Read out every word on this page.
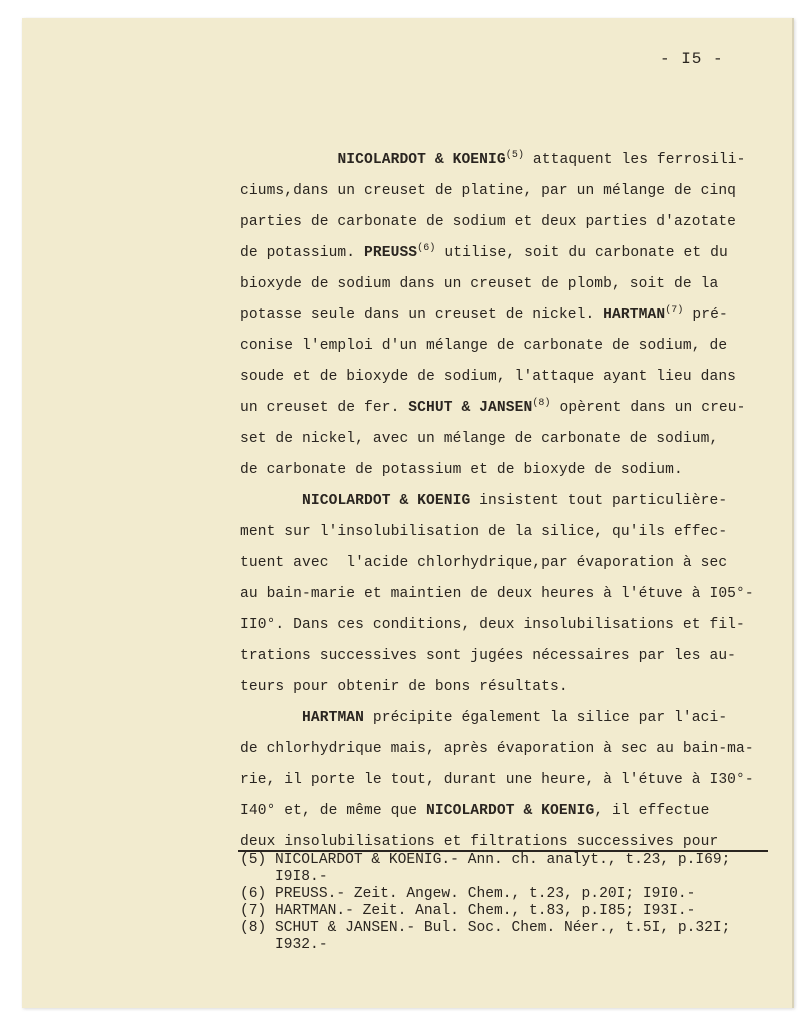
- I5 -
NICOLARDOT & KOENIG$^{(5)}$ attaquent les ferrosili-
ciums,dans un creuset de platine, par un mélange de cinq
parties de carbonate de sodium et deux parties d'azotate
de potassium. PREUSS$^{(6)}$ utilise, soit du carbonate et du
bioxyde de sodium dans un creuset de plomb, soit de la
potasse seule dans un creuset de nickel. HARTMAN$^{(7)}$ pré-
conise l'emploi d'un mélange de carbonate de sodium, de
soude et de bioxyde de sodium, l'attaque ayant lieu dans
un creuset de fer. SCHUT & JANSEN$^{(8)}$ opèrent dans un creu-
set de nickel, avec un mélange de carbonate de sodium,
de carbonate de potassium et de bioxyde de sodium.
NICOLARDOT & KOENIG insistent tout particulière-
ment sur l'insolubilisation de la silice, qu'ils effec-
tuent avec  l'acide chlorhydrique,par évaporation à sec
au bain-marie et maintien de deux heures à l'étuve à I05°-
II0°. Dans ces conditions, deux insolubilisations et fil-
trations successives sont jugées nécessaires par les au-
teurs pour obtenir de bons résultats.
HARTMAN précipite également la silice par l'aci-
de chlorhydrique mais, après évaporation à sec au bain-ma-
rie, il porte le tout, durant une heure, à l'étuve à I30°-
I40° et, de même que NICOLARDOT & KOENIG, il effectue
deux insolubilisations et filtrations successives pour
(5) NICOLARDOT & KOENIG.- Ann. ch. analyt., t.23, p.I69;
I9I8.-
(6) PREUSS.- Zeit. Angew. Chem., t.23, p.20I; I9I0.-
(7) HARTMAN.- Zeit. Anal. Chem., t.83, p.I85; I93I.-
(8) SCHUT & JANSEN.- Bul. Soc. Chem. Néer., t.5I, p.32I;
I932.-
